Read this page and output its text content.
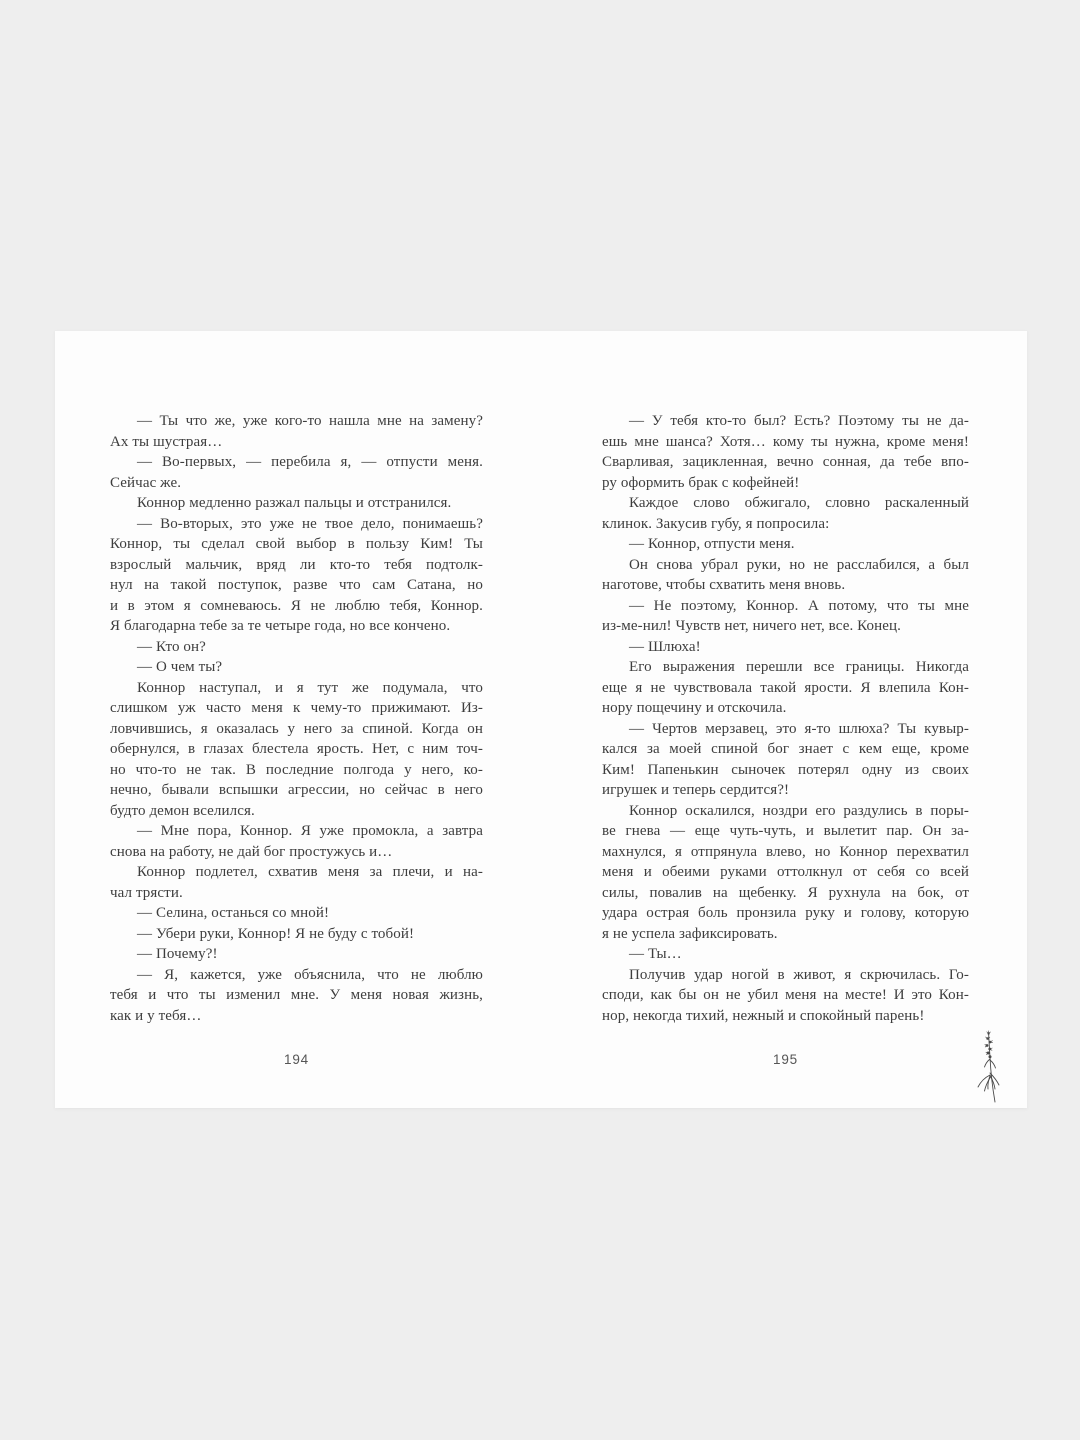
— Ты что же, уже кого-то нашла мне на замену?
Ах ты шустрая…
— Во-первых, — перебила я, — отпусти меня.
Сейчас же.
Коннор медленно разжал пальцы и отстранился.
— Во-вторых, это уже не твое дело, понимаешь?
Коннор, ты сделал свой выбор в пользу Ким! Ты
взрослый мальчик, вряд ли кто-то тебя подтолк-
нул на такой поступок, разве что сам Сатана, но
и в этом я сомневаюсь. Я не люблю тебя, Коннор.
Я благодарна тебе за те четыре года, но все кончено.
— Кто он?
— О чем ты?
Коннор наступал, и я тут же подумала, что
слишком уж часто меня к чему-то прижимают. Из-
ловчившись, я оказалась у него за спиной. Когда он
обернулся, в глазах блестела ярость. Нет, с ним точ-
но что-то не так. В последние полгода у него, ко-
нечно, бывали вспышки агрессии, но сейчас в него
будто демон вселился.
— Мне пора, Коннор. Я уже промокла, а завтра
снова на работу, не дай бог простужусь и…
Коннор подлетел, схватив меня за плечи, и на-
чал трясти.
— Селина, останься со мной!
— Убери руки, Коннор! Я не буду с тобой!
— Почему?!
— Я, кажется, уже объяснила, что не люблю
тебя и что ты изменил мне. У меня новая жизнь,
как и у тебя…
194
— У тебя кто-то был? Есть? Поэтому ты не да-
ешь мне шанса? Хотя… кому ты нужна, кроме меня!
Сварливая, зацикленная, вечно сонная, да тебе впо-
ру оформить брак с кофейней!
Каждое слово обжигало, словно раскаленный
клинок. Закусив губу, я попросила:
— Коннор, отпусти меня.
Он снова убрал руки, но не расслабился, а был
наготове, чтобы схватить меня вновь.
— Не поэтому, Коннор. А потому, что ты мне
из-ме-нил! Чувств нет, ничего нет, все. Конец.
— Шлюха!
Его выражения перешли все границы. Никогда
еще я не чувствовала такой ярости. Я влепила Кон-
нору пощечину и отскочила.
— Чертов мерзавец, это я-то шлюха? Ты кувыр-
кался за моей спиной бог знает с кем еще, кроме
Ким! Папенькин сыночек потерял одну из своих
игрушек и теперь сердится?!
Коннор оскалился, ноздри его раздулись в поры-
ве гнева — еще чуть-чуть, и вылетит пар. Он за-
махнулся, я отпрянула влево, но Коннор перехватил
меня и обеими руками оттолкнул от себя со всей
силы, повалив на щебенку. Я рухнула на бок, от
удара острая боль пронзила руку и голову, которую
я не успела зафиксировать.
— Ты…
Получив удар ногой в живот, я скрючилась. Го-
споди, как бы он не убил меня на месте! И это Кон-
нор, некогда тихий, нежный и спокойный парень!
195
